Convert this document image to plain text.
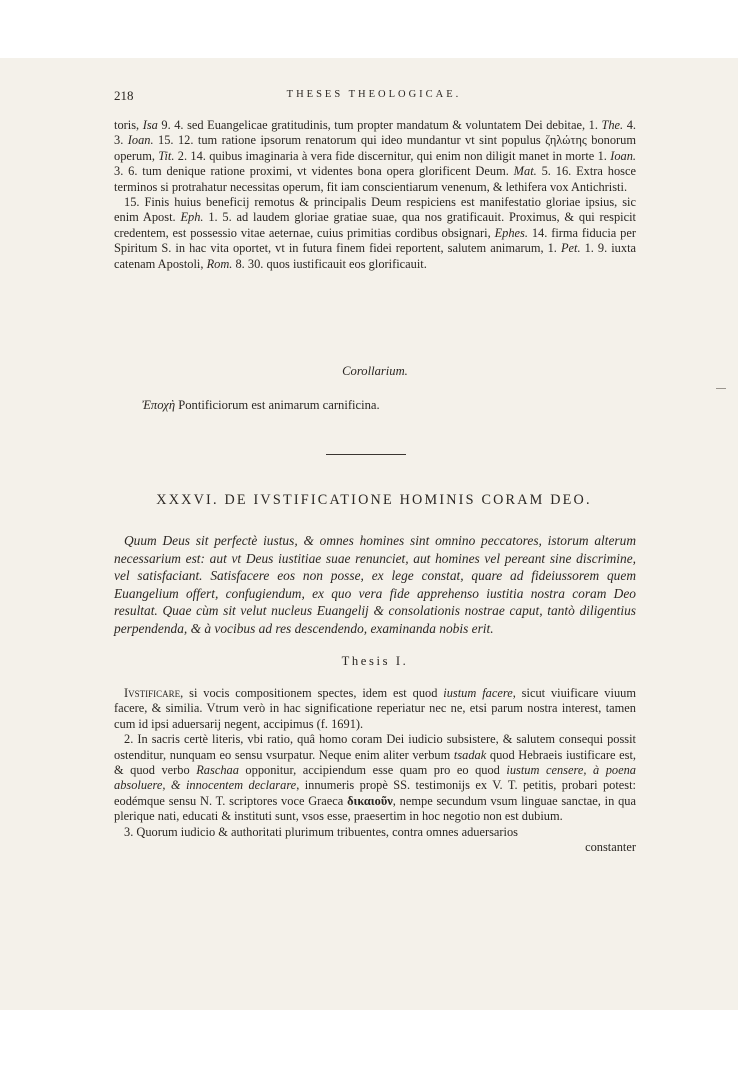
218	THESES THEOLOGICAE.

toris, Isa 9. 4. sed Euangelicae gratitudinis, tum propter mandatum & voluntatem Dei debitae, 1. The. 4. 3. Ioan. 15. 12. tum ratione ipsorum renatorum qui ideo mundantur vt sint populus ζηλώτης bonorum operum, Tit. 2. 14. quibus imaginaria à vera fide discernitur, qui enim non diligit manet in morte 1. Ioan. 3. 6. tum denique ratione proximi, vt videntes bona opera glorificent Deum. Mat. 5. 16. Extra hosce terminos si protrahatur necessitas operum, fit iam conscientiarum venenum, & lethifera vox Antichristi.

15. Finis huius beneficij remotus & principalis Deum respiciens est manifestatio gloriae ipsius, sic enim Apost. Eph. 1. 5. ad laudem gloriae gratiae suae, qua nos gratificauit. Proximus, & qui respicit credentem, est possessio vitae aeternae, cuius primitias cordibus obsignari, Ephes. 14. firma fiducia per Spiritum S. in hac vita oportet, vt in futura finem fidei reportent, salutem animarum, 1. Pet. 1. 9. iuxta catenam Apostoli, Rom. 8. 30. quos iustificauit eos glorificauit.

Corollarium.
Ἐποχὴ Pontificiorum est animarum carnificina.
XXXVI. DE IVSTIFICATIONE HOMINIS CORAM DEO.

Quum Deus sit perfectè iustus, & omnes homines sint omnino peccatores, istorum alterum necessarium est: aut vt Deus iustitiae suae renunciet, aut homines vel pereant sine discrimine, vel satisfaciant. Satisfacere eos non posse, ex lege constat, quare ad fideiussorem quem Euangelium offert, confugiendum, ex quo vera fide apprehenso iustitia nostra coram Deo resultat. Quae cùm sit velut nucleus Euangelij & consolationis nostrae caput, tantò diligentius perpendenda, & à vocibus ad res descendendo, examinanda nobis erit.

Thesis I.

Ivstificare, si vocis compositionem spectes, idem est quod iustum facere, sicut viuificare viuum facere, & similia. Vtrum verò in hac significatione reperiatur nec ne, etsi parum nostra interest, tamen cum id ipsi aduersarij negent, accipimus (f. 1691).

2. In sacris certè literis, vbi ratio, quâ homo coram Dei iudicio subsistere, & salutem consequi possit ostenditur, nunquam eo sensu vsurpatur. Neque enim aliter verbum tsadak quod Hebraeis iustificare est, & quod verbo Raschaa opponitur, accipiendum esse quam pro eo quod iustum censere, à poena absoluere, & innocentem declarare, innumeris propè SS. testimonijs ex V. T. petitis, probari potest: eodémque sensu N. T. scriptores voce Graeca δικαιοῦν, nempe secundum vsum linguae sanctae, in qua plerique nati, educati & instituti sunt, vsos esse, praesertim in hoc negotio non est dubium.

3. Quorum iudicio & authoritati plurimum tribuentes, contra omnes aduersarios
constanter
